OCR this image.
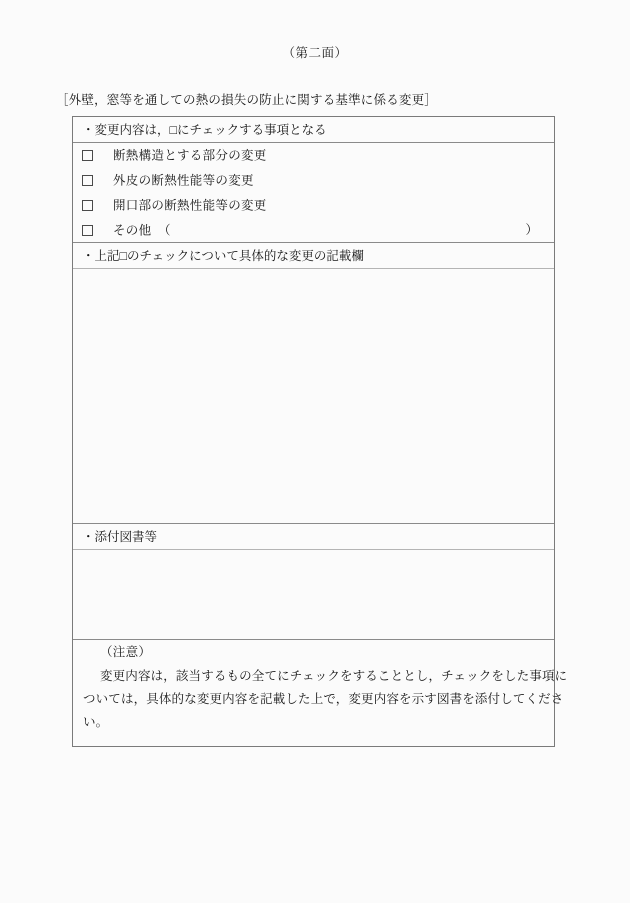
（第二面）
［外壁，窓等を通しての熱の損失の防止に関する基準に係る変更］
・変更内容は，□にチェックする事項となる
断熱構造とする部分の変更
外皮の断熱性能等の変更
開口部の断熱性能等の変更
その他　（	）
・上記□のチェックについて具体的な変更の記載欄
・添付図書等
（注意）
変更内容は，該当するもの全てにチェックをすることとし，チェックをした事項に
ついては，具体的な変更内容を記載した上で，変更内容を示す図書を添付してくださ
い。
